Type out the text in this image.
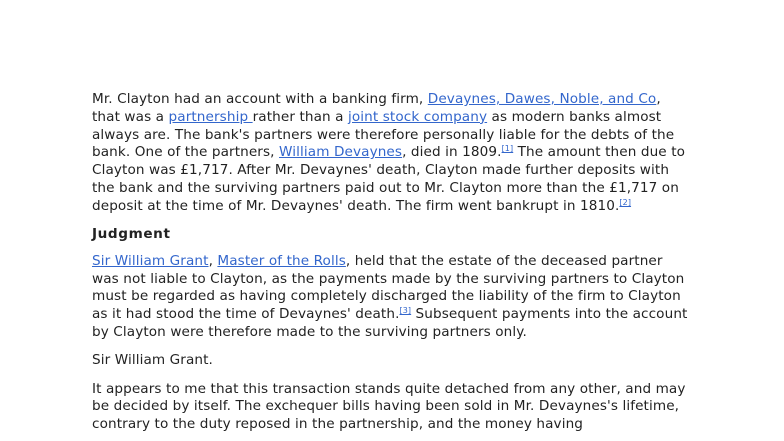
Mr. Clayton had an account with a banking firm, Devaynes, Dawes, Noble, and Co, that was a partnership rather than a joint stock company as modern banks almost always are. The bank's partners were therefore personally liable for the debts of the bank. One of the partners, William Devaynes, died in 1809.[1] The amount then due to Clayton was £1,717. After Mr. Devaynes' death, Clayton made further deposits with the bank and the surviving partners paid out to Mr. Clayton more than the £1,717 on deposit at the time of Mr. Devaynes' death. The firm went bankrupt in 1810.[2]

Judgment

Sir William Grant, Master of the Rolls, held that the estate of the deceased partner was not liable to Clayton, as the payments made by the surviving partners to Clayton must be regarded as having completely discharged the liability of the firm to Clayton as it had stood the time of Devaynes' death.[3] Subsequent payments into the account by Clayton were therefore made to the surviving partners only.

Sir William Grant.

It appears to me that this transaction stands quite detached from any other, and may be decided by itself. The exchequer bills having been sold in Mr. Devaynes's lifetime, contrary to the duty reposed in the partnership, and the money having
